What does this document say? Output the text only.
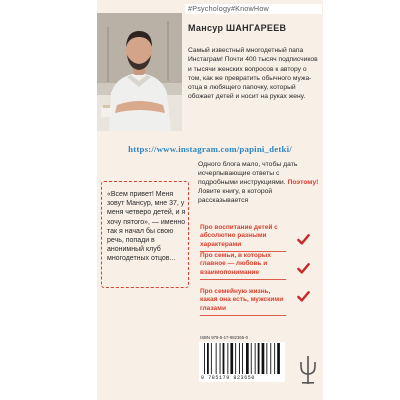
#Psychology#KnowHow
Мансур ШАНГАРЕЕВ
Самый известный многодетный папа Инстаграм! Почти 400 тысяч подписчиков и тысячи женских вопросов к автору о том, как же превратить обычного мужа-отца в любящего папочку, который обожает детей и носит на руках жену.
https://www.instagram.com/papini_detki/
«Всем привет! Меня зовут Мансур, мне 37, у меня четверо детей, и я хочу пятого», — именно так я начал бы свою речь, попади в анонимный клуб многодетных отцов...
Одного блога мало, чтобы дать исчерпывающие ответы с подробными инструкциями. Поэтому! Ловите книгу, в которой рассказывается
Про воспитание детей с абсолютно разными характерами
Про семьи, в которых главное — любовь и взаимопонимание
Про семейную жизнь, какая она есть, мужскими глазами
ISBN 978-5-17-982365-0
9 785179 823650
